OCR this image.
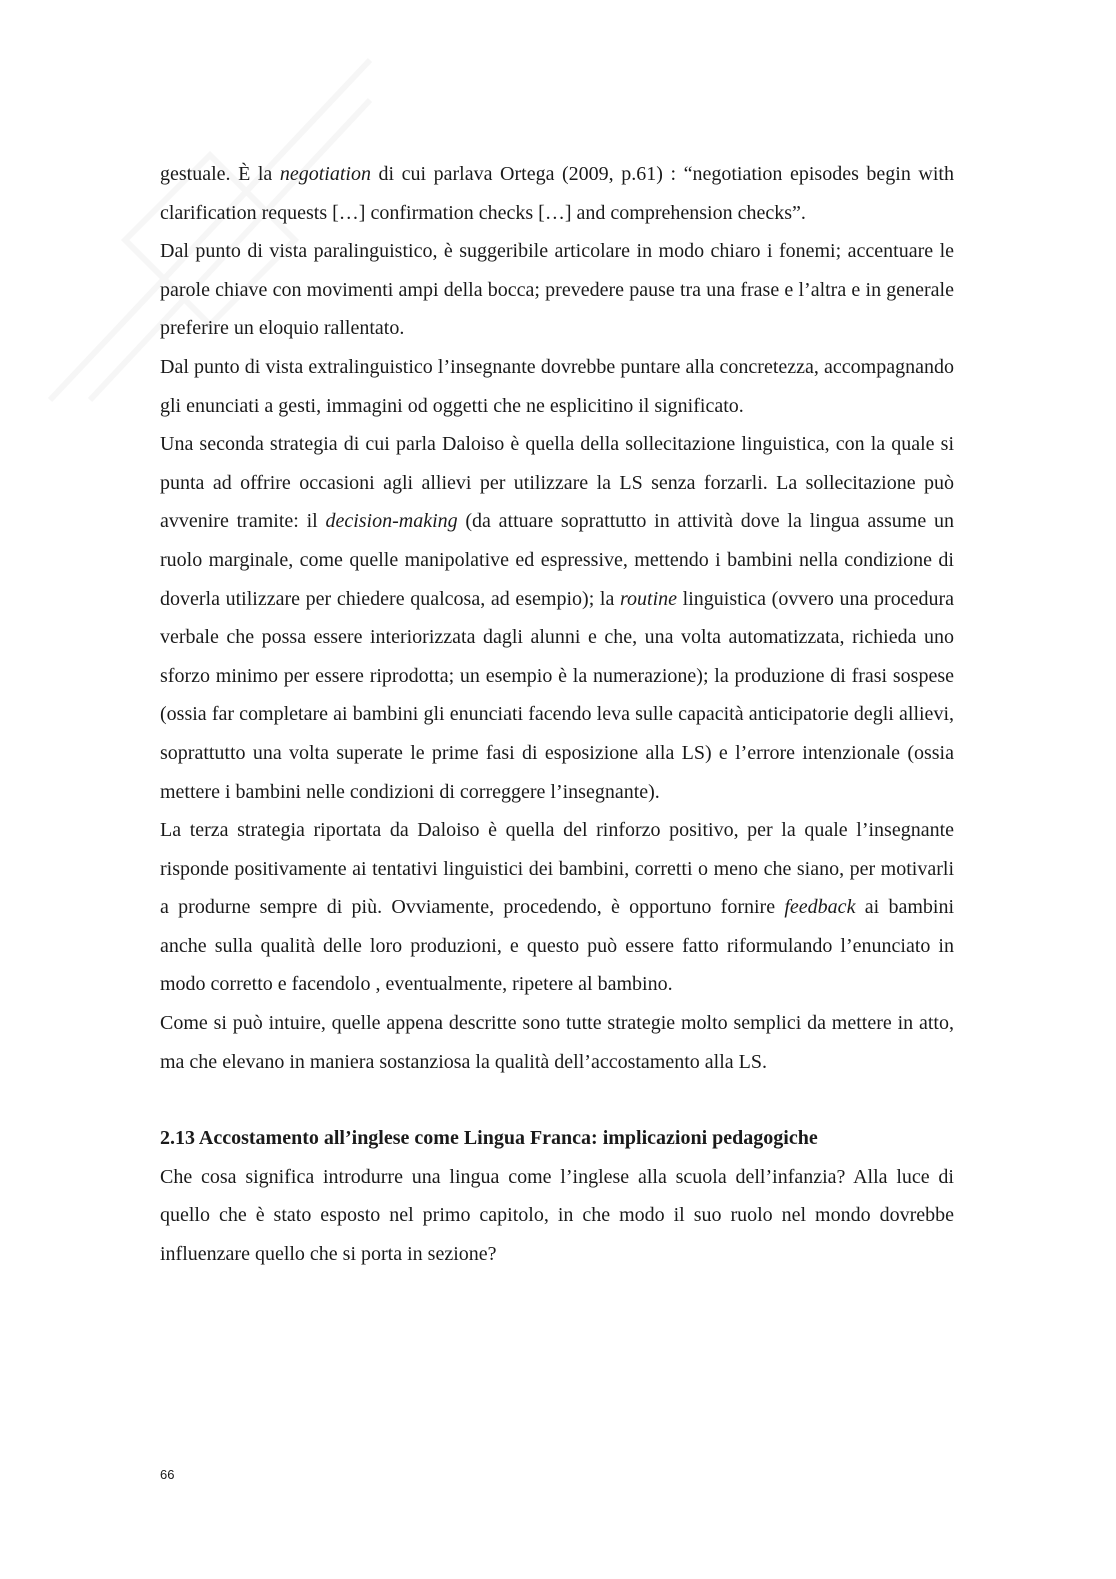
gestuale. È la negotiation di cui parlava Ortega (2009, p.61) : “negotiation episodes begin with clarification requests […] confirmation checks […] and comprehension checks”.

Dal punto di vista paralinguistico, è suggeribile articolare in modo chiaro i fonemi; accentuare le parole chiave con movimenti ampi della bocca; prevedere pause tra una frase e l’altra e in generale preferire un eloquio rallentato.

Dal punto di vista extralinguistico l’insegnante dovrebbe puntare alla concretezza, accompagnando gli enunciati a gesti, immagini od oggetti che ne esplicitino il significato.

Una seconda strategia di cui parla Daloiso è quella della sollecitazione linguistica, con la quale si punta ad offrire occasioni agli allievi per utilizzare la LS senza forzarli. La sollecitazione può avvenire tramite: il decision-making (da attuare soprattutto in attività dove la lingua assume un ruolo marginale, come quelle manipolative ed espressive, mettendo i bambini nella condizione di doverla utilizzare per chiedere qualcosa, ad esempio); la routine linguistica (ovvero una procedura verbale che possa essere interiorizzata dagli alunni e che, una volta automatizzata, richieda uno sforzo minimo per essere riprodotta; un esempio è la numerazione); la produzione di frasi sospese (ossia far completare ai bambini gli enunciati facendo leva sulle capacità anticipatorie degli allievi, soprattutto una volta superate le prime fasi di esposizione alla LS) e l’errore intenzionale (ossia mettere i bambini nelle condizioni di correggere l’insegnante).

La terza strategia riportata da Daloiso è quella del rinforzo positivo, per la quale l’insegnante risponde positivamente ai tentativi linguistici dei bambini, corretti o meno che siano, per motivarli a produrne sempre di più. Ovviamente, procedendo, è opportuno fornire feedback ai bambini anche sulla qualità delle loro produzioni, e questo può essere fatto riformulando l’enunciato in modo corretto e facendolo , eventualmente, ripetere al bambino.

Come si può intuire, quelle appena descritte sono tutte strategie molto semplici da mettere in atto, ma che elevano in maniera sostanziosa la qualità dell’accostamento alla LS.

2.13 Accostamento all’inglese come Lingua Franca: implicazioni pedagogiche

Che cosa significa introdurre una lingua come l’inglese alla scuola dell’infanzia? Alla luce di quello che è stato esposto nel primo capitolo, in che modo il suo ruolo nel mondo dovrebbe influenzare quello che si porta in sezione?

66
